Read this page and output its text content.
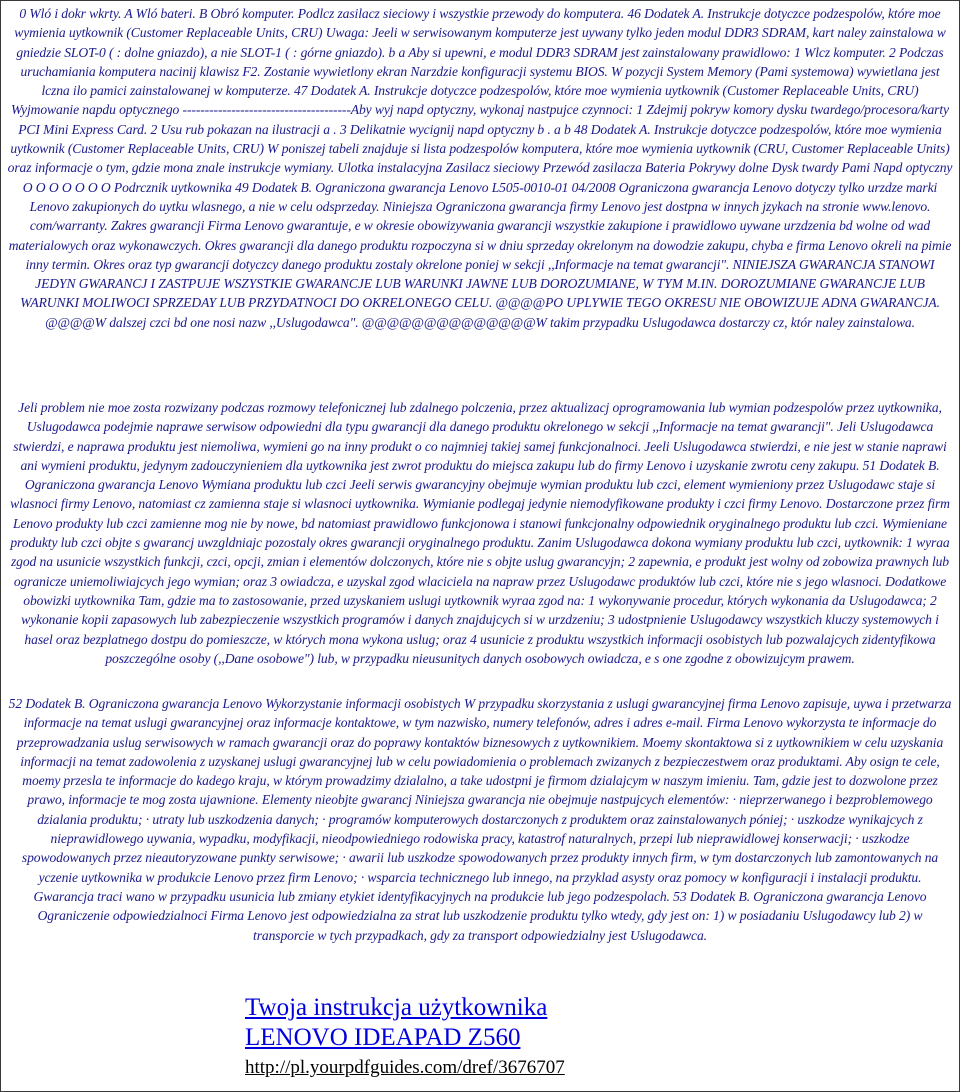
0 Wló i dokr wkrty. A Wló bateri. B Obró komputer. Podlcz zasilacz sieciowy i wszystkie przewody do komputera. 46 Dodatek A. Instrukcje dotyczce podzespolów, które moe wymienia uytkownik (Customer Replaceable Units, CRU) Uwaga: Jeeli w serwisowanym komputerze jest uywany tylko jeden modul DDR3 SDRAM, kart naley zainstalowa w gniedzie SLOT-0 ( : dolne gniazdo), a nie SLOT-1 ( : górne gniazdo). b a Aby si upewni, e modul DDR3 SDRAM jest zainstalowany prawidlowo: 1 Wlcz komputer. 2 Podczas uruchamiania komputera nacinij klawisz F2. Zostanie wywietlony ekran Narzdzie konfiguracji systemu BIOS. W pozycji System Memory (Pami systemowa) wywietlana jest lczna ilo pamici zainstalowanej w komputerze. 47 Dodatek A. Instrukcje dotyczce podzespolów, które moe wymienia uytkownik (Customer Replaceable Units, CRU) Wyjmowanie napdu optycznego --------------------------------------Aby wyj napd optyczny, wykonaj nastpujce czynnoci: 1 Zdejmij pokryw komory dysku twardego/procesora/karty PCI Mini Express Card. 2 Usu rub pokazan na ilustracji a . 3 Delikatnie wycignij napd optyczny b . a b 48 Dodatek A. Instrukcje dotyczce podzespolów, które moe wymienia uytkownik (Customer Replaceable Units, CRU) W poniszej tabeli znajduje si lista podzespolów komputera, które moe wymienia uytkownik (CRU, Customer Replaceable Units) oraz informacje o tym, gdzie mona znale instrukcje wymiany. Ulotka instalacyjna Zasilacz sieciowy Przewód zasilacza Bateria Pokrywy dolne Dysk twardy Pami Napd optyczny O O O O O O O Podrcznik uytkownika 49 Dodatek B. Ograniczona gwarancja Lenovo L505-0010-01 04/2008 Ograniczona gwarancja Lenovo dotyczy tylko urzdze marki Lenovo zakupionych do uytku wlasnego, a nie w celu odsprzeday. Niniejsza Ograniczona gwarancja firmy Lenovo jest dostpna w innych jzykach na stronie www.lenovo. com/warranty. Zakres gwarancji Firma Lenovo gwarantuje, e w okresie obowizywania gwarancji wszystkie zakupione i prawidlowo uywane urzdzenia bd wolne od wad materialowych oraz wykonawczych. Okres gwarancji dla danego produktu rozpoczyna si w dniu sprzeday okrelonym na dowodzie zakupu, chyba e firma Lenovo okreli na pimie inny termin. Okres oraz typ gwarancji dotyczcy danego produktu zostaly okrelone poniej w sekcji ,,Informacje na temat gwarancji". NINIEJSZA GWARANCJA STANOWI JEDYN GWARANCJ I ZASTPUJE WSZYSTKIE GWARANCJE LUB WARUNKI JAWNE LUB DOROZUMIANE, W TYM M.IN. DOROZUMIANE GWARANCJE LUB WARUNKI MOLIWOCI SPRZEDAY LUB PRZYDATNOCI DO OKRELONEGO CELU. @@@@PO UPLYWIE TEGO OKRESU NIE OBOWIZUJE ADNA GWARANCJA. @@@@W dalszej czci bd one nosi nazw ,,Uslugodawca". @@@@@@@@@@@@@@W takim przypadku Uslugodawca dostarczy cz, któr naley zainstalowa.

Jeli problem nie moe zosta rozwizany podczas rozmowy telefonicznej lub zdalnego polczenia, przez aktualizacj oprogramowania lub wymian podzespolów przez uytkownika, Uslugodawca podejmie naprawe serwisow odpowiedni dla typu gwarancji dla danego produktu okrelonego w sekcji ,,Informacje na temat gwarancji". Jeli Uslugodawca stwierdzi, e naprawa produktu jest niemoliwa, wymieni go na inny produkt o co najmniej takiej samej funkcjonalnoci. Jeeli Uslugodawca stwierdzi, e nie jest w stanie naprawi ani wymieni produktu, jedynym zadouczynieniem dla uytkownika jest zwrot produktu do miejsca zakupu lub do firmy Lenovo i uzyskanie zwrotu ceny zakupu. 51 Dodatek B. Ograniczona gwarancja Lenovo Wymiana produktu lub czci Jeeli serwis gwarancyjny obejmuje wymian produktu lub czci, element wymieniony przez Uslugodawc staje si wlasnoci firmy Lenovo, natomiast cz zamienna staje si wlasnoci uytkownika. Wymianie podlegaj jedynie niemodyfikowane produkty i czci firmy Lenovo. Dostarczone przez firm Lenovo produkty lub czci zamienne mog nie by nowe, bd natomiast prawidlowo funkcjonowa i stanowi funkcjonalny odpowiednik oryginalnego produktu lub czci. Wymieniane produkty lub czci objte s gwarancj uwzgldniajc pozostaly okres gwarancji oryginalnego produktu. Zanim Uslugodawca dokona wymiany produktu lub czci, uytkownik: 1 wyraa zgod na usunicie wszystkich funkcji, czci, opcji, zmian i elementów dolczonych, które nie s objte uslug gwarancyjn; 2 zapewnia, e produkt jest wolny od zobowiza prawnych lub ogranicze uniemoliwiajcych jego wymian; oraz 3 owiadcza, e uzyskal zgod wlaciciela na napraw przez Uslugodawc produktów lub czci, które nie s jego wlasnoci. Dodatkowe obowizki uytkownika Tam, gdzie ma to zastosowanie, przed uzyskaniem uslugi uytkownik wyraa zgod na: 1 wykonywanie procedur, których wykonania da Uslugodawca; 2 wykonanie kopii zapasowych lub zabezpieczenie wszystkich programów i danych znajdujcych si w urzdzeniu; 3 udostpnienie Uslugodawcy wszystkich kluczy systemowych i hasel oraz bezplatnego dostpu do pomieszcze, w których mona wykona uslug; oraz 4 usunicie z produktu wszystkich informacji osobistych lub pozwalajcych zidentyfikowa poszczególne osoby (,,Dane osobowe") lub, w przypadku nieusunitych danych osobowych owiadcza, e s one zgodne z obowizujcym prawem.

52 Dodatek B. Ograniczona gwarancja Lenovo Wykorzystanie informacji osobistych W przypadku skorzystania z uslugi gwarancyjnej firma Lenovo zapisuje, uywa i przetwarza informacje na temat uslugi gwarancyjnej oraz informacje kontaktowe, w tym nazwisko, numery telefonów, adres i adres e-mail. Firma Lenovo wykorzysta te informacje do przeprowadzania uslug serwisowych w ramach gwarancji oraz do poprawy kontaktów biznesowych z uytkownikiem. Moemy skontaktowa si z uytkownikiem w celu uzyskania informacji na temat zadowolenia z uzyskanej uslugi gwarancyjnej lub w celu powiadomienia o problemach zwizanych z bezpieczestwem oraz produktami. Aby osign te cele, moemy przesla te informacje do kadego kraju, w którym prowadzimy dzialalno, a take udostpni je firmom dzialajcym w naszym imieniu. Tam, gdzie jest to dozwolone przez prawo, informacje te mog zosta ujawnione. Elementy nieobjte gwarancj Niniejsza gwarancja nie obejmuje nastpujcych elementów: · nieprzerwanego i bezproblemowego dzialania produktu; · utraty lub uszkodzenia danych; · programów komputerowych dostarczonych z produktem oraz zainstalowanych póniej; · uszkodze wynikajcych z nieprawidlowego uywania, wypadku, modyfikacji, nieodpowiedniego rodowiska pracy, katastrof naturalnych, przepi lub nieprawidlowej konserwacji; · uszkodze spowodowanych przez nieautoryzowane punkty serwisowe; · awarii lub uszkodze spowodowanych przez produkty innych firm, w tym dostarczonych lub zamontowanych na yczenie uytkownika w produkcie Lenovo przez firm Lenovo; · wsparcia technicznego lub innego, na przyklad asysty oraz pomocy w konfiguracji i instalacji produktu. Gwarancja traci wano w przypadku usunicia lub zmiany etykiet identyfikacyjnych na produkcie lub jego podzespolach. 53 Dodatek B. Ograniczona gwarancja Lenovo Ograniczenie odpowiedzialnoci Firma Lenovo jest odpowiedzialna za strat lub uszkodzenie produktu tylko wtedy, gdy jest on: 1) w posiadaniu Uslugodawcy lub 2) w transporcie w tych przypadkach, gdy za transport odpowiedzialny jest Uslugodawca.

Twoja instrukcja użytkownika
LENOVO IDEAPAD Z560
http://pl.yourpdfguides.com/dref/3676707
